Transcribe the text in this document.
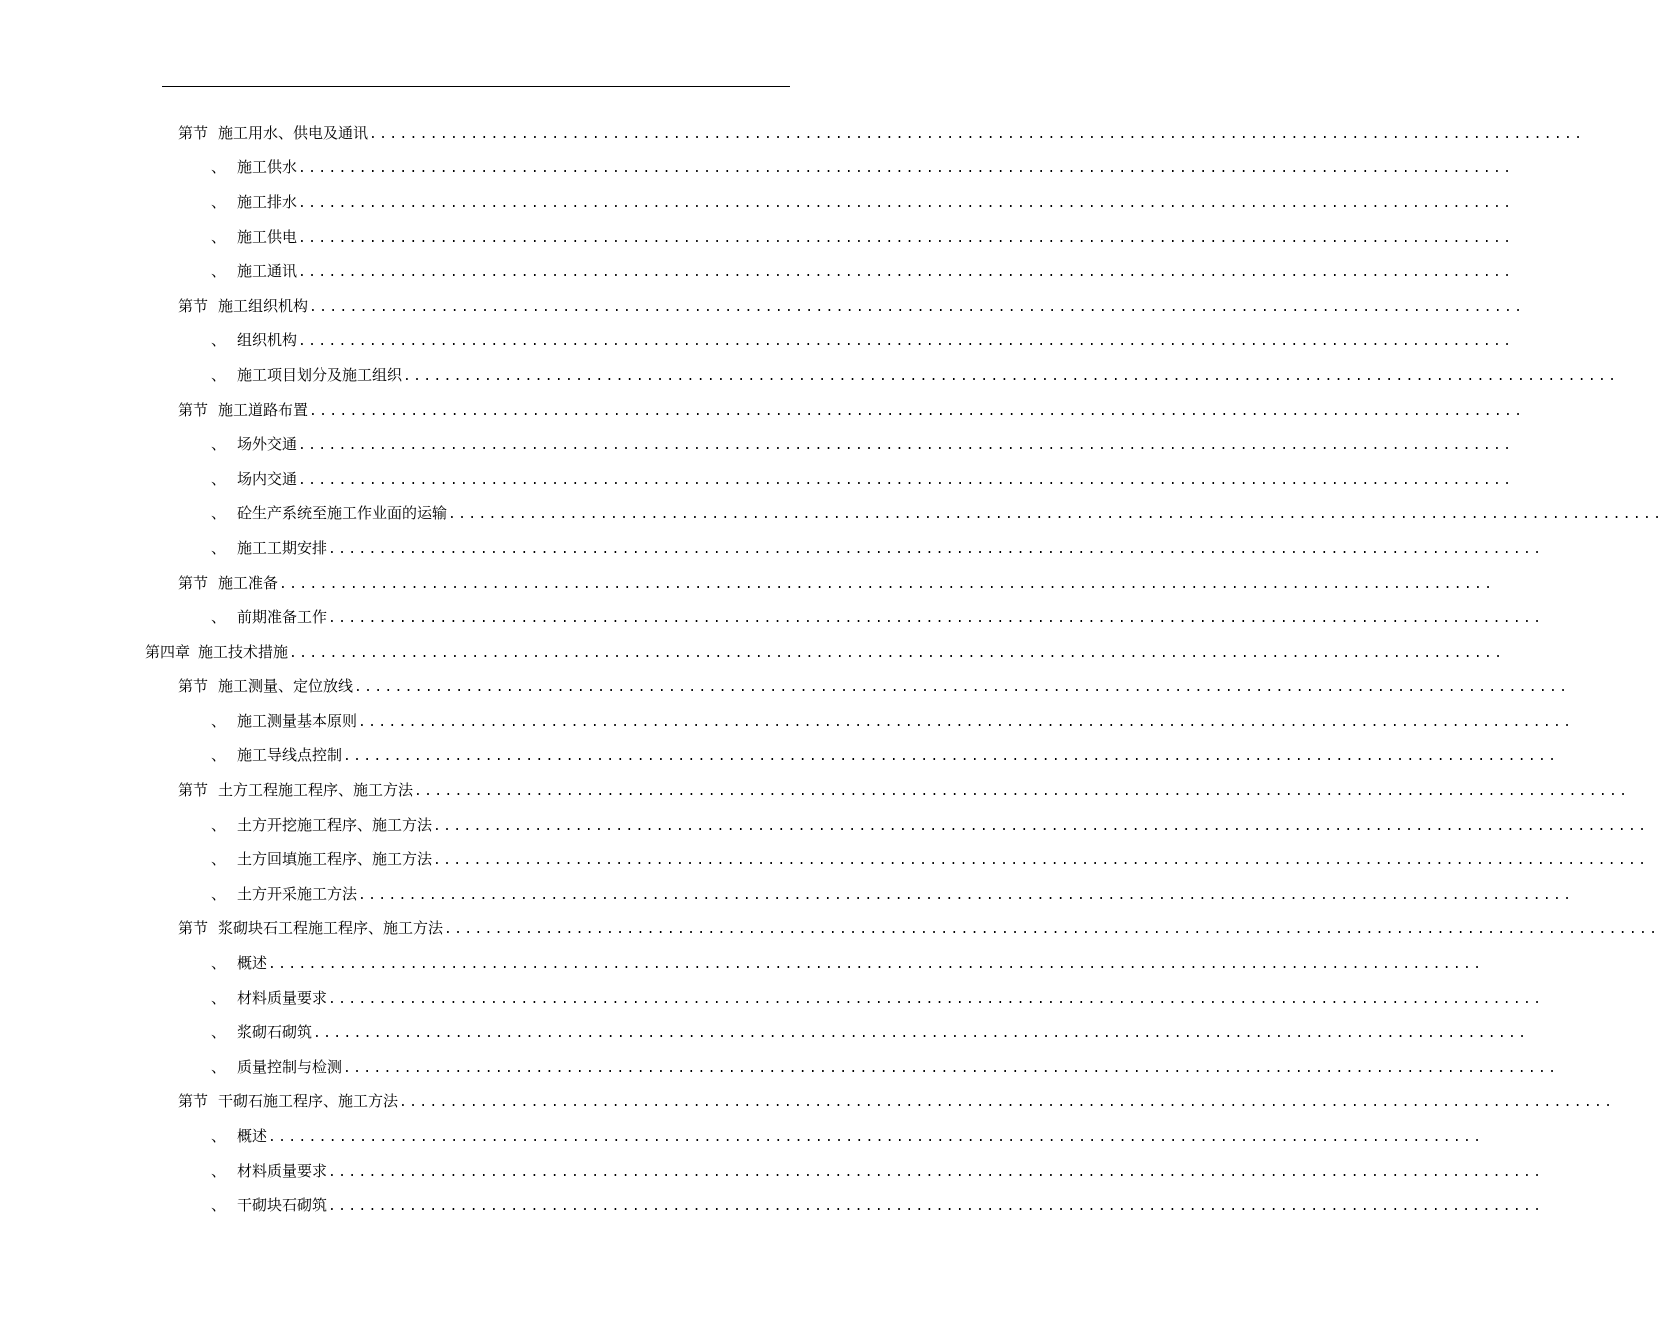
第节 施工用水、供电及通讯 ........................................................................................................................
、 施工供水 ........................................................................................................................
、 施工排水 ........................................................................................................................
、 施工供电 ........................................................................................................................
、 施工通讯 ........................................................................................................................
第节 施工组织机构 ........................................................................................................................
、 组织机构 ........................................................................................................................
、 施工项目划分及施工组织 ........................................................................................................................
第节 施工道路布置 ........................................................................................................................
、 场外交通 ........................................................................................................................
、 场内交通 ........................................................................................................................
、 砼生产系统至施工作业面的运输 ........................................................................................................................
、 施工工期安排 ........................................................................................................................
第节 施工准备 ........................................................................................................................
、 前期准备工作 ........................................................................................................................
第四章 施工技术措施 ........................................................................................................................
第节 施工测量、定位放线 ........................................................................................................................
、 施工测量基本原则 ........................................................................................................................
、 施工导线点控制 ........................................................................................................................
第节 土方工程施工程序、施工方法 ........................................................................................................................
、 土方开挖施工程序、施工方法 ........................................................................................................................
、 土方回填施工程序、施工方法 ........................................................................................................................
、 土方开采施工方法 ........................................................................................................................
第节 浆砌块石工程施工程序、施工方法 ........................................................................................................................
、 概述 ........................................................................................................................
、 材料质量要求 ........................................................................................................................
、 浆砌石砌筑 ........................................................................................................................
、 质量控制与检测 ........................................................................................................................
第节 干砌石施工程序、施工方法 ........................................................................................................................
、 概述 ........................................................................................................................
、 材料质量要求 ........................................................................................................................
、 干砌块石砌筑 ........................................................................................................................
